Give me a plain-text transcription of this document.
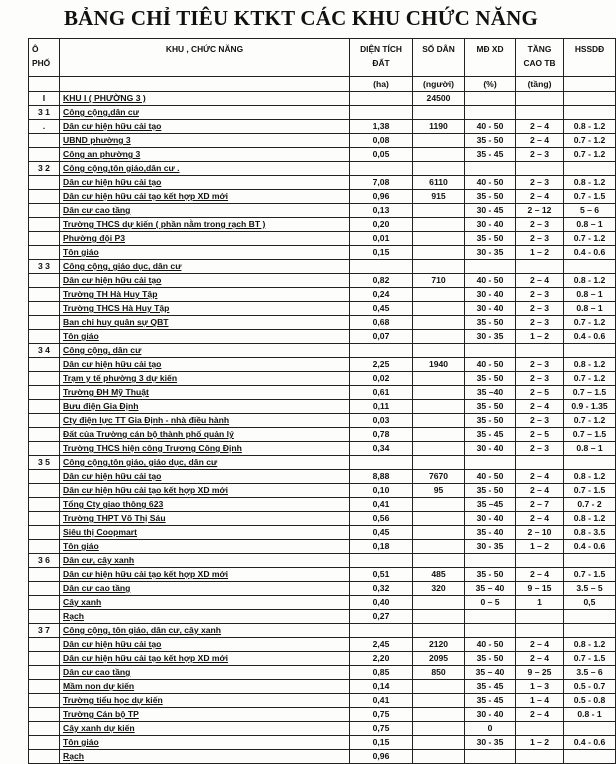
BẢNG CHỈ TIÊU KTKT CÁC KHU CHỨC NĂNG
Ô PHỐ	KHU , CHỨC NĂNG	DIỆN TÍCH ĐẤT	SỐ DÂN	MĐ XD	TẦNG CAO TB	HSSDĐ
		(ha)	(người)	(%)	(tầng)	
I	KHU I ( PHƯỜNG 3 )		24500			
3 1	Công cộng,dân cư					
.	Dân cư hiện hữu cải tạo	1,38	1190	40 - 50	2 – 4	0.8 - 1.2
	UBND phường 3	0,08		35 - 50	2 – 4	0.7 - 1.2
	Công an phường 3	0,05		35 - 45	2 – 3	0.7 - 1.2
3 2	Công cộng,tôn giáo,dân cư .					
	Dân cư hiện hữu cải tạo	7,08	6110	40 - 50	2 – 3	0.8 - 1.2
	Dân cư hiện hữu cải tạo kết hợp XD mới	0,96	915	35 - 50	2 – 4	0.7 - 1.5
	Dân cư cao tầng	0,13		30 - 45	2 – 12	5 – 6
	Trường THCS dự kiến ( phần nằm trong rạch BT )	0,20		30 - 40	2 – 3	0.8 – 1
	Phường đội P3	0,01		35 - 50	2 – 3	0.7 - 1.2
	Tôn giáo	0,15		30 - 35	1 – 2	0.4 - 0.6
3 3	Công cộng, giáo dục, dân cư					
	Dân cư hiện hữu cải tạo	0,82	710	40 - 50	2 – 4	0.8 - 1.2
	Trường TH Hà Huy Tập	0,24		30 - 40	2 – 3	0.8 – 1
	Trường THCS Hà Huy Tập	0,45		30 - 40	2 – 3	0.8 – 1
	Ban chỉ huy quân sự QBT	0,68		35 - 50	2 – 3	0.7 - 1.2
	Tôn giáo	0,07		30 - 35	1 – 2	0.4 - 0.6
3 4	Công cộng, dân cư					
	Dân cư hiện hữu cải tạo	2,25	1940	40 - 50	2 – 3	0.8 - 1.2
	Trạm y tế phường 3 dự kiến	0,02		35 - 50	2 – 3	0.7 - 1.2
	Trường ĐH Mỹ Thuật	0,61		35 –40	2 – 5	0.7 – 1.5
	Bưu điện Gia Định	0,11		35 - 50	2 – 4	0.9 - 1.35
	Cty điện lực TT Gia Định - nhà điều hành	0,03		35 - 50	2 – 3	0.7 - 1.2
	Đất của Trường cán bộ thành phố quản lý	0,78		35 - 45	2 – 5	0.7 – 1.5
	Trường THCS hiện công Trương Công Định	0,34		30 - 40	2 – 3	0.8 – 1
3 5	Công cộng,tôn giáo, giáo dục, dân cư					
	Dân cư hiện hữu cải tạo	8,88	7670	40 - 50	2 – 4	0.8 - 1.2
	Dân cư hiện hữu cải tạo kết hợp XD mới	0,10	95	35 - 50	2 – 4	0.7 - 1.5
	Tổng Cty giao thông 623	0,41		35 –45	2 – 7	0.7 - 2
	Trường THPT Võ Thị Sáu	0,56		30 - 40	2 – 4	0.8 - 1.2
	Siêu thị Coopmart	0,45		35 - 40	2 – 10	0.8 - 3.5
	Tôn giáo	0,18		30 - 35	1 – 2	0.4 - 0.6
3 6	Dân cư, cây xanh					
	Dân cư hiện hữu cải tạo kết hợp XD mới	0,51	485	35 - 50	2 – 4	0.7 - 1.5
	Dân cư cao tầng	0,32	320	35 – 40	9 – 15	3.5 – 5
	Cây xanh	0,40		0 – 5	1	0,5
	Rạch	0,27				
3 7	Công cộng, tôn giáo, dân cư, cây xanh					
	Dân cư hiện hữu cải tạo	2,45	2120	40 - 50	2 – 4	0.8 - 1.2
	Dân cư hiện hữu cải tạo kết hợp XD mới	2,20	2095	35 - 50	2 – 4	0.7 - 1.5
	Dân cư cao tầng	0,85	850	35 – 40	9 – 25	3.5 – 6
	Mầm non dự kiến	0,14		35 - 45	1 – 3	0.5 - 0.7
	Trường tiểu học dự kiến	0,41		35 - 45	1 – 4	0.5 - 0.8
	Trường Cán bộ TP	0,75		30 - 40	2 – 4	0.8 - 1
	Cây xanh dự kiến	0,75		0		
	Tôn giáo	0,15		30 - 35	1 – 2	0.4 - 0.6
	Rạch	0,96				
